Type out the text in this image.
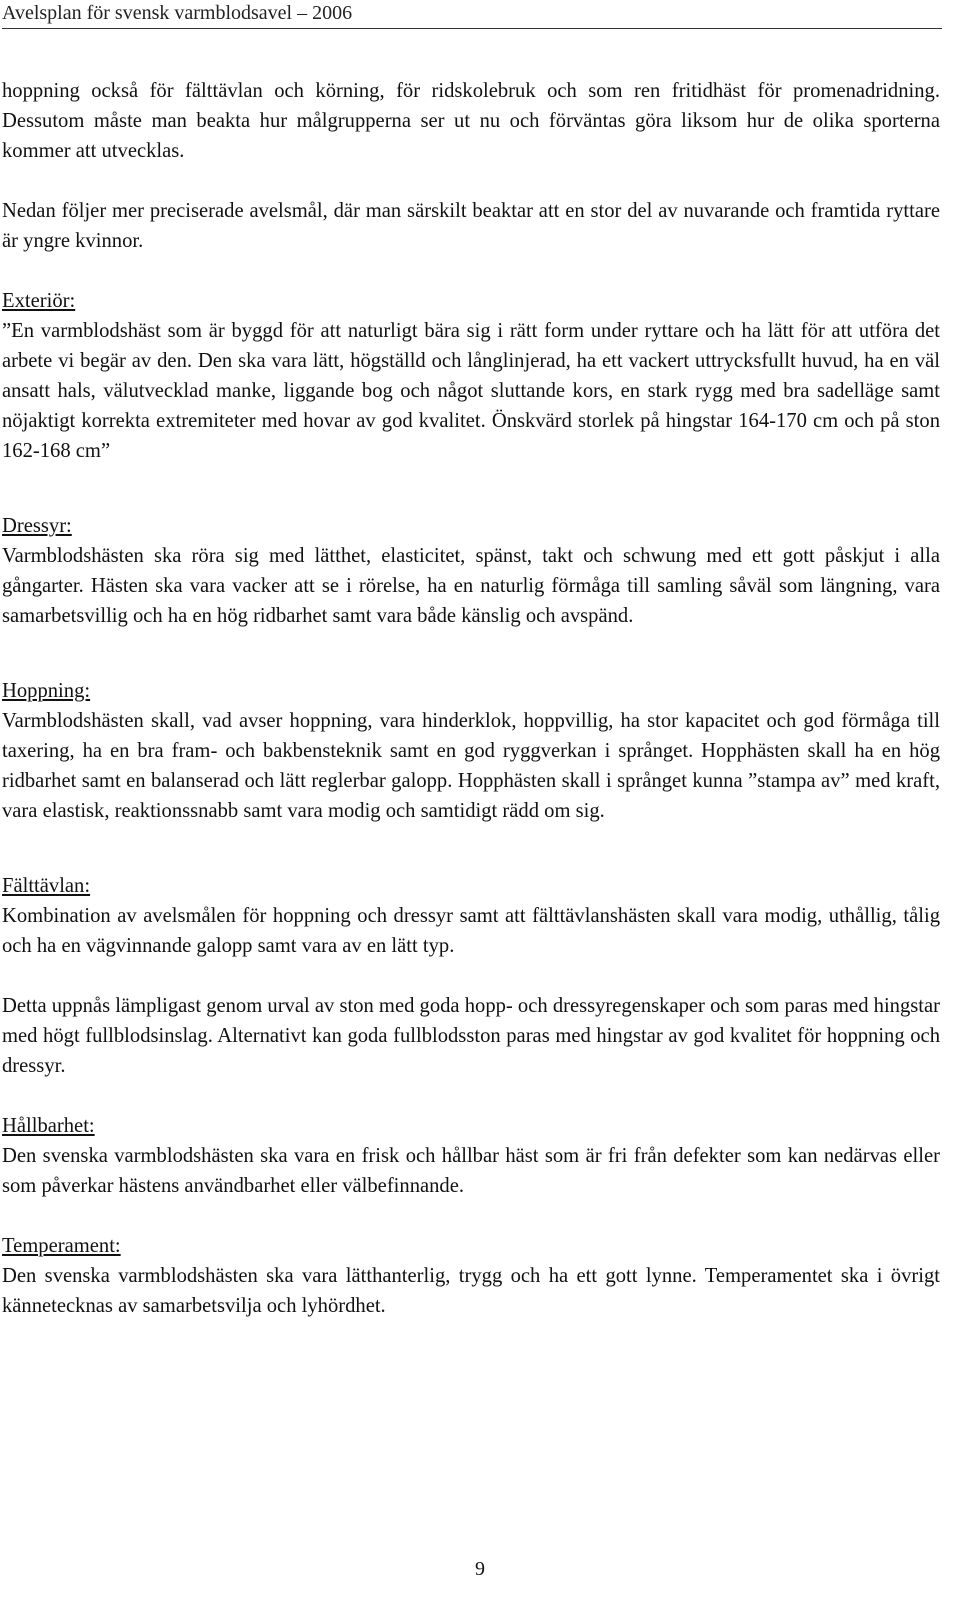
Avelsplan för svensk varmblodsavel – 2006

hoppning också för fälttävlan och körning, för ridskolebruk och som ren fritidhäst för promenadridning. Dessutom måste man beakta hur målgrupperna ser ut nu och förväntas göra liksom hur de olika sporterna kommer att utvecklas.

Nedan följer mer preciserade avelsmål, där man särskilt beaktar att en stor del av nuvarande och framtida ryttare är yngre kvinnor.

Exteriör:

”En varmblodshäst som är byggd för att naturligt bära sig i rätt form under ryttare och ha lätt för att utföra det arbete vi begär av den. Den ska vara lätt, högställd och långlinjerad, ha ett vackert uttrycksfullt huvud, ha en väl ansatt hals, välutvecklad manke, liggande bog och något sluttande kors, en stark rygg med bra sadelläge samt nöjaktigt korrekta extremiteter med hovar av god kvalitet. Önskvärd storlek på hingstar 164-170 cm och på ston 162-168 cm”

Dressyr:

Varmblodshästen ska röra sig med lätthet, elasticitet, spänst, takt och schwung med ett gott påskjut i alla gångarter. Hästen ska vara vacker att se i rörelse, ha en naturlig förmåga till samling såväl som längning, vara samarbetsvillig och ha en hög ridbarhet samt vara både känslig och avspänd.

Hoppning:

Varmblodshästen skall, vad avser hoppning, vara hinderklok, hoppvillig, ha stor kapacitet och god förmåga till taxering, ha en bra fram- och bakbensteknik samt en god ryggverkan i språnget. Hopphästen skall ha en hög ridbarhet samt en balanserad och lätt reglerbar galopp. Hopphästen skall i språnget kunna ”stampa av” med kraft, vara elastisk, reaktionssnabb samt vara modig och samtidigt rädd om sig.

Fälttävlan:

Kombination av avelsmålen för hoppning och dressyr samt att fälttävlanshästen skall vara modig, uthållig, tålig och ha en vägvinnande galopp samt vara av en lätt typ.

Detta uppnås lämpligast genom urval av ston med goda hopp- och dressyregenskaper och som paras med hingstar med högt fullblodsinslag. Alternativt kan goda fullblodsston paras med hingstar av god kvalitet för hoppning och dressyr.

Hållbarhet:

Den svenska varmblodshästen ska vara en frisk och hållbar häst som är fri från defekter som kan nedärvas eller som påverkar hästens användbarhet eller välbefinnande.

Temperament:

Den svenska varmblodshästen ska vara lätthanterlig, trygg och ha ett gott lynne. Temperamentet ska i övrigt kännetecknas av samarbetsvilja och lyhördhet.

9
